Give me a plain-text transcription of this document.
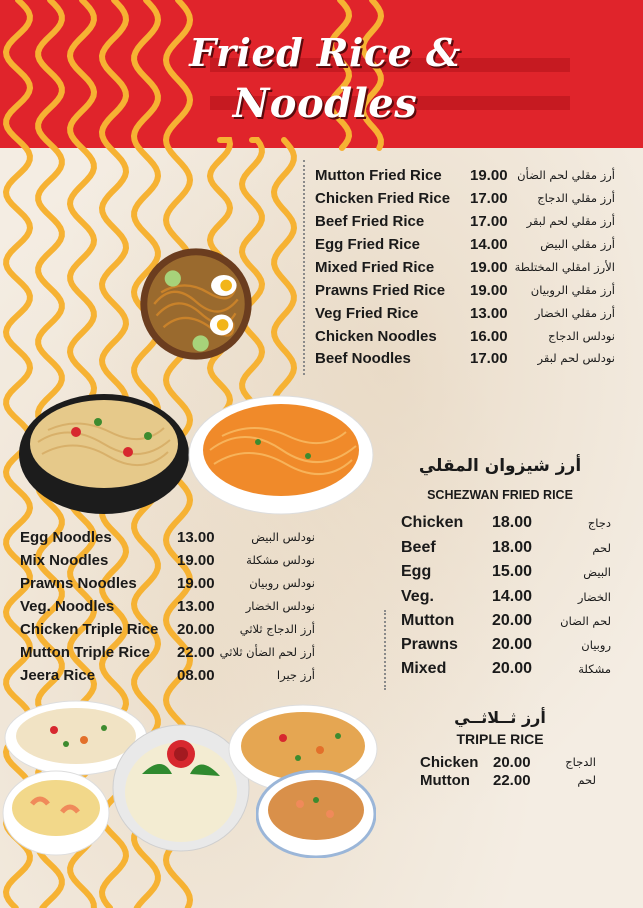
Fried Rice &
Noodles
Mutton Fried Rice 19.00 أرز مقلي لحم الضأن
Chicken Fried Rice 17.00	أرز مقلي الدجاج
Beef Fried Rice	17.00 أرز مقلي لحم لبقر
Egg Fried Rice	14.00	أرز مقلي البيض
Mixed Fried Rice 19.00 الأرز امقلي المختلطة
Prawns Fried Rice 19.00 أرز مقلي الروبيان
Veg Fried Rice	13.00 أرز مقلي الخضار
Chicken Noodles 16.00	نودلس الدجاج
Beef Noodles	17.00	نودلس لحم لبقر
Egg Noodles	13.00	نودلس البيض
Mix Noodles	19.00	نودلس مشكلة
Prawns Noodles	19.00	نودلس روبيان
Veg. Noodles	13.00	نودلس الخضار
Chicken Triple Rice 20.00 أرز الدجاج ثلاثي
Mutton Triple Rice 22.00 أرز لحم الضأن ثلاثي
Jeera Rice	08.00	أرز جيرا
أرز شيزوان المقلي
SCHEZWAN FRIED RICE
Chicken 18.00	دجاج
Beef	18.00	لحم
Egg	15.00	البيض
Veg.	14.00	الخضار
Mutton 20.00 لحم الضان
Prawns 20.00	روبيان
Mixed	20.00	مشكلة
أرز ثــلاثــي
TRIPLE RICE
Chicken 20.00	الدجاج
Mutton 22.00	لحم
